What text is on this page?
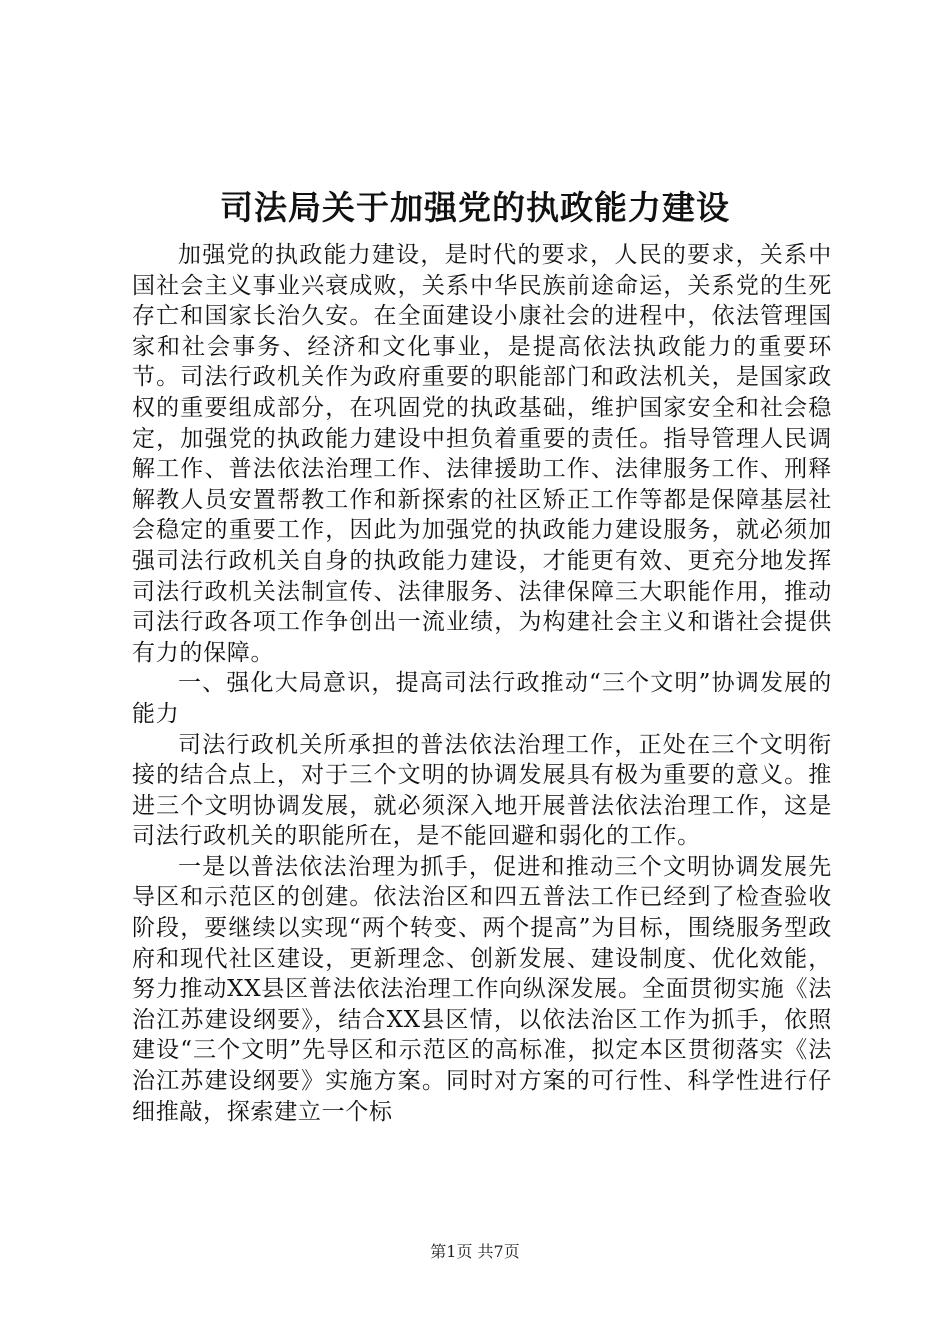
司法局关于加强党的执政能力建设

加强党的执政能力建设，是时代的要求，人民的要求，关系中国社会主义事业兴衰成败，关系中华民族前途命运，关系党的生死存亡和国家长治久安。在全面建设小康社会的进程中，依法管理国家和社会事务、经济和文化事业，是提高依法执政能力的重要环节。司法行政机关作为政府重要的职能部门和政法机关，是国家政权的重要组成部分，在巩固党的执政基础，维护国家安全和社会稳定，加强党的执政能力建设中担负着重要的责任。指导管理人民调解工作、普法依法治理工作、法律援助工作、法律服务工作、刑释解教人员安置帮教工作和新探索的社区矫正工作等都是保障基层社会稳定的重要工作，因此为加强党的执政能力建设服务，就必须加强司法行政机关自身的执政能力建设，才能更有效、更充分地发挥司法行政机关法制宣传、法律服务、法律保障三大职能作用，推动司法行政各项工作争创出一流业绩，为构建社会主义和谐社会提供有力的保障。

一、强化大局意识，提高司法行政推动“三个文明”协调发展的能力

司法行政机关所承担的普法依法治理工作，正处在三个文明衔接的结合点上，对于三个文明的协调发展具有极为重要的意义。推进三个文明协调发展，就必须深入地开展普法依法治理工作，这是司法行政机关的职能所在，是不能回避和弱化的工作。

一是以普法依法治理为抓手，促进和推动三个文明协调发展先导区和示范区的创建。依法治区和四五普法工作已经到了检查验收阶段，要继续以实现“两个转变、两个提高”为目标，围绕服务型政府和现代社区建设，更新理念、创新发展、建设制度、优化效能，努力推动XX县区普法依法治理工作向纵深发展。全面贯彻实施《法治江苏建设纲要》，结合XX县区情，以依法治区工作为抓手，依照建设“三个文明”先导区和示范区的高标准，拟定本区贯彻落实《法治江苏建设纲要》实施方案。同时对方案的可行性、科学性进行仔细推敲，探索建立一个标

第1页 共7页
